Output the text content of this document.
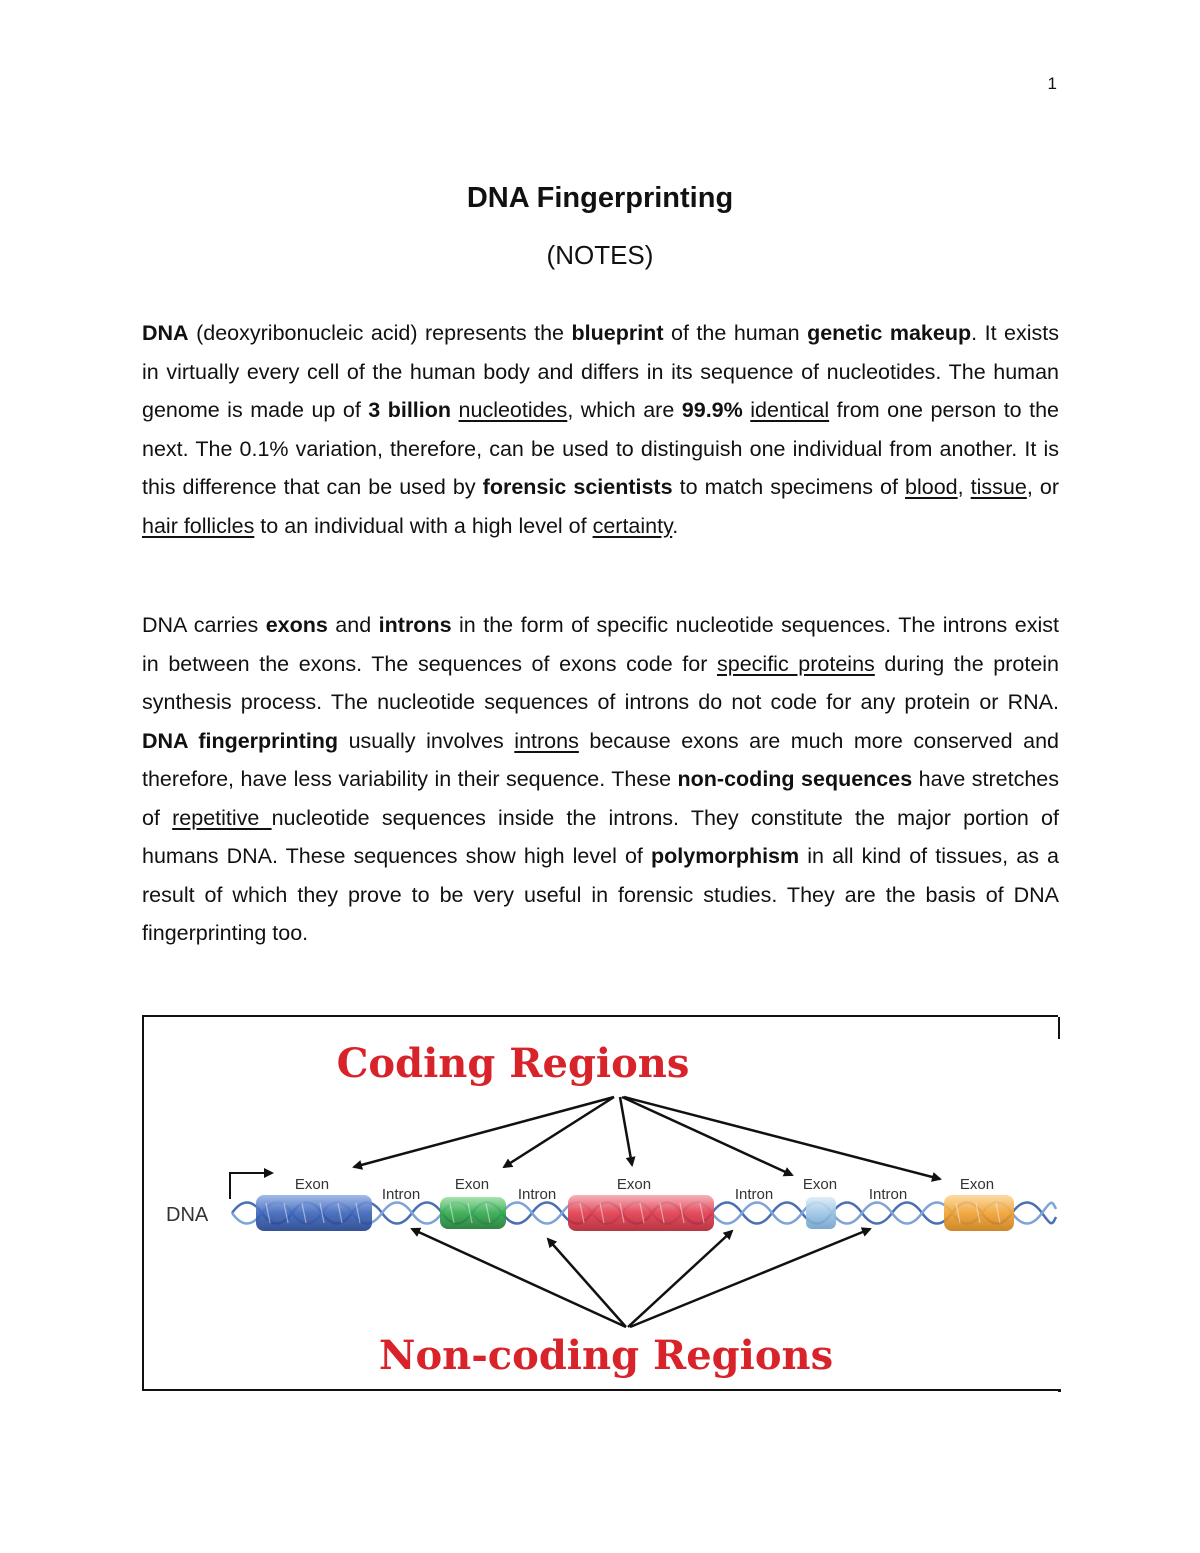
1
DNA Fingerprinting
(NOTES)

DNA (deoxyribonucleic acid) represents the blueprint of the human genetic makeup. It exists in virtually every cell of the human body and differs in its sequence of nucleotides. The human genome is made up of 3 billion nucleotides, which are 99.9% identical from one person to the next. The 0.1% variation, therefore, can be used to distinguish one individual from another. It is this difference that can be used by forensic scientists to match specimens of blood, tissue, or hair follicles to an individual with a high level of certainty.

DNA carries exons and introns in the form of specific nucleotide sequences. The introns exist in between the exons. The sequences of exons code for specific proteins during the protein synthesis process. The nucleotide sequences of introns do not code for any protein or RNA. DNA fingerprinting usually involves introns because exons are much more conserved and therefore, have less variability in their sequence. These non-coding sequences have stretches of repetitive nucleotide sequences inside the introns. They constitute the major portion of humans DNA. These sequences show high level of polymorphism in all kind of tissues, as a result of which they prove to be very useful in forensic studies. They are the basis of DNA fingerprinting too.

Coding Regions
Non-coding Regions
DNA
Exon	Exon	Exon	Exon	Exon
Intron	Intron	Intron	Intron
